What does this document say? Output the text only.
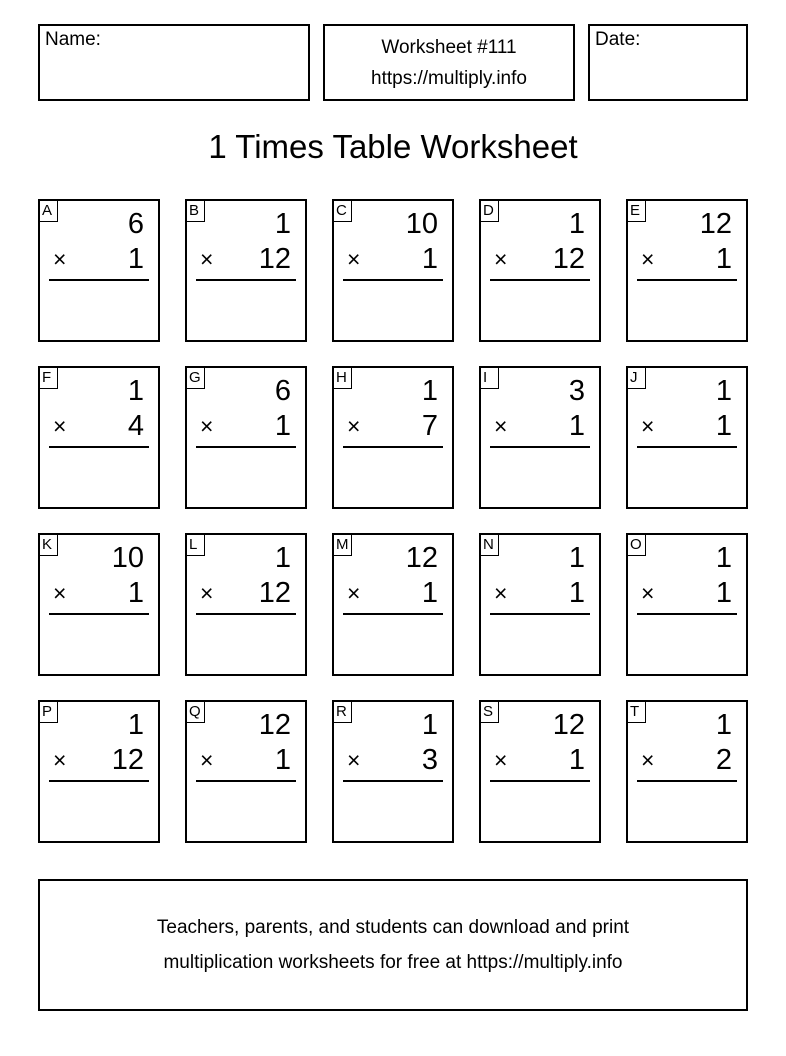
Name:	Worksheet #111
https://multiply.info
Date:
1 Times Table Worksheet
A	6
× 1
B	1
× 12
C 10
× 1
D	1
× 12
E 12
× 1
F	1
× 4
G	6
× 1
H	1
× 7
I	3
× 1
J	1
× 1
K 10
× 1
L	1
× 12
M 12
× 1
N	1
× 1
O	1
× 1
P	1
× 12
Q 12
× 1
R	1
× 3
S 12
× 1
T	1
× 2
Teachers, parents, and students can download and print
multiplication worksheets for free at https://multiply.info
